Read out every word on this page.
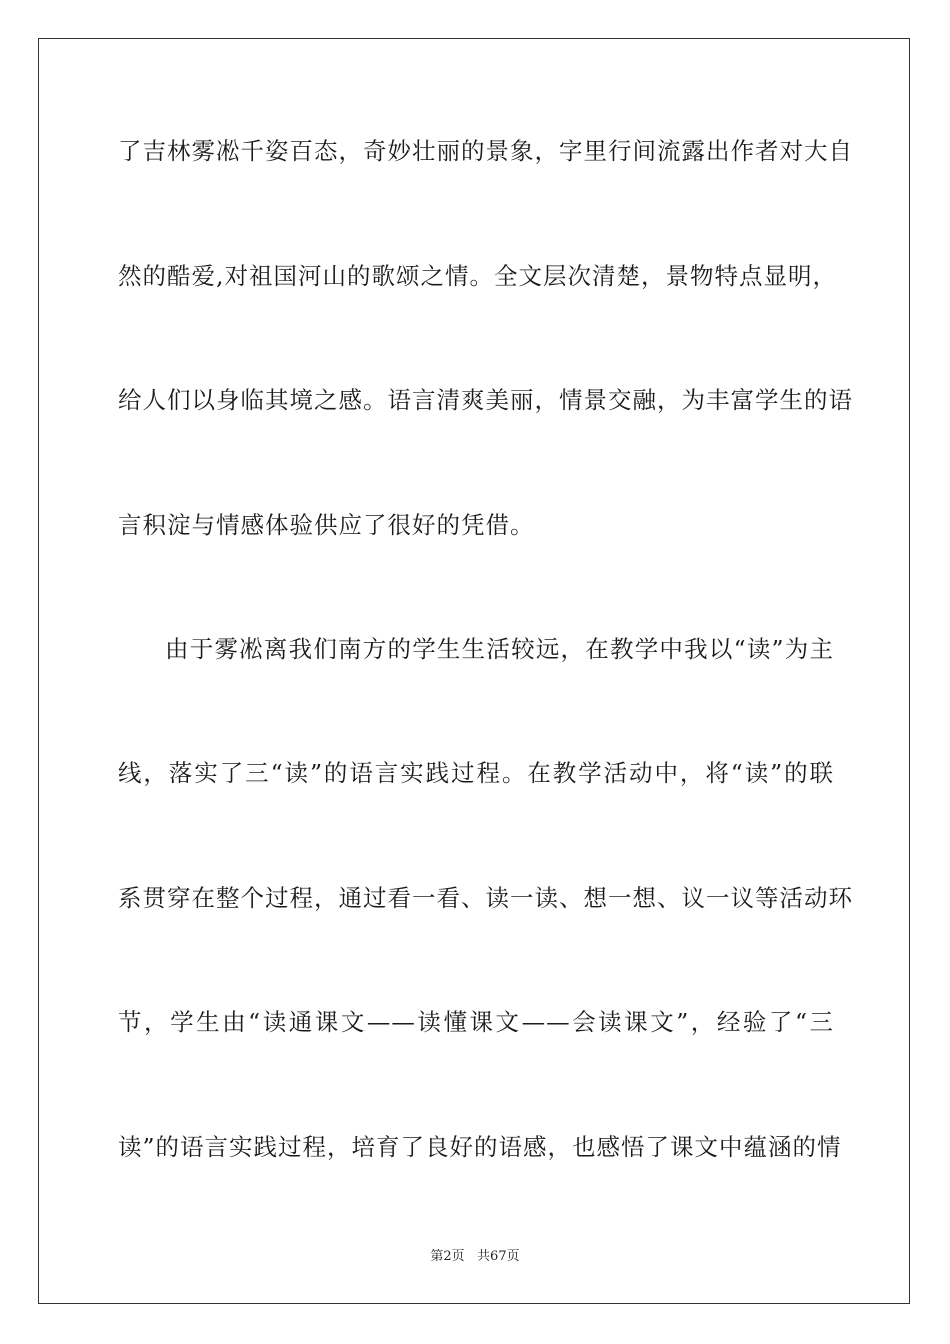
了吉林雾凇千姿百态，奇妙壮丽的景象，字里行间流露出作者对大自
然的酷爱,对祖国河山的歌颂之情。全文层次清楚，景物特点显明，
给人们以身临其境之感。语言清爽美丽，情景交融，为丰富学生的语
言积淀与情感体验供应了很好的凭借。
由于雾凇离我们南方的学生生活较远，在教学中我以“读”为主
线，落实了三“读”的语言实践过程。在教学活动中，将“读”的联
系贯穿在整个过程，通过看一看、读一读、想一想、议一议等活动环
节，学生由“读通课文——读懂课文——会读课文”，经验了“三
读”的语言实践过程，培育了良好的语感，也感悟了课文中蕴涵的情
第2页   共67页
